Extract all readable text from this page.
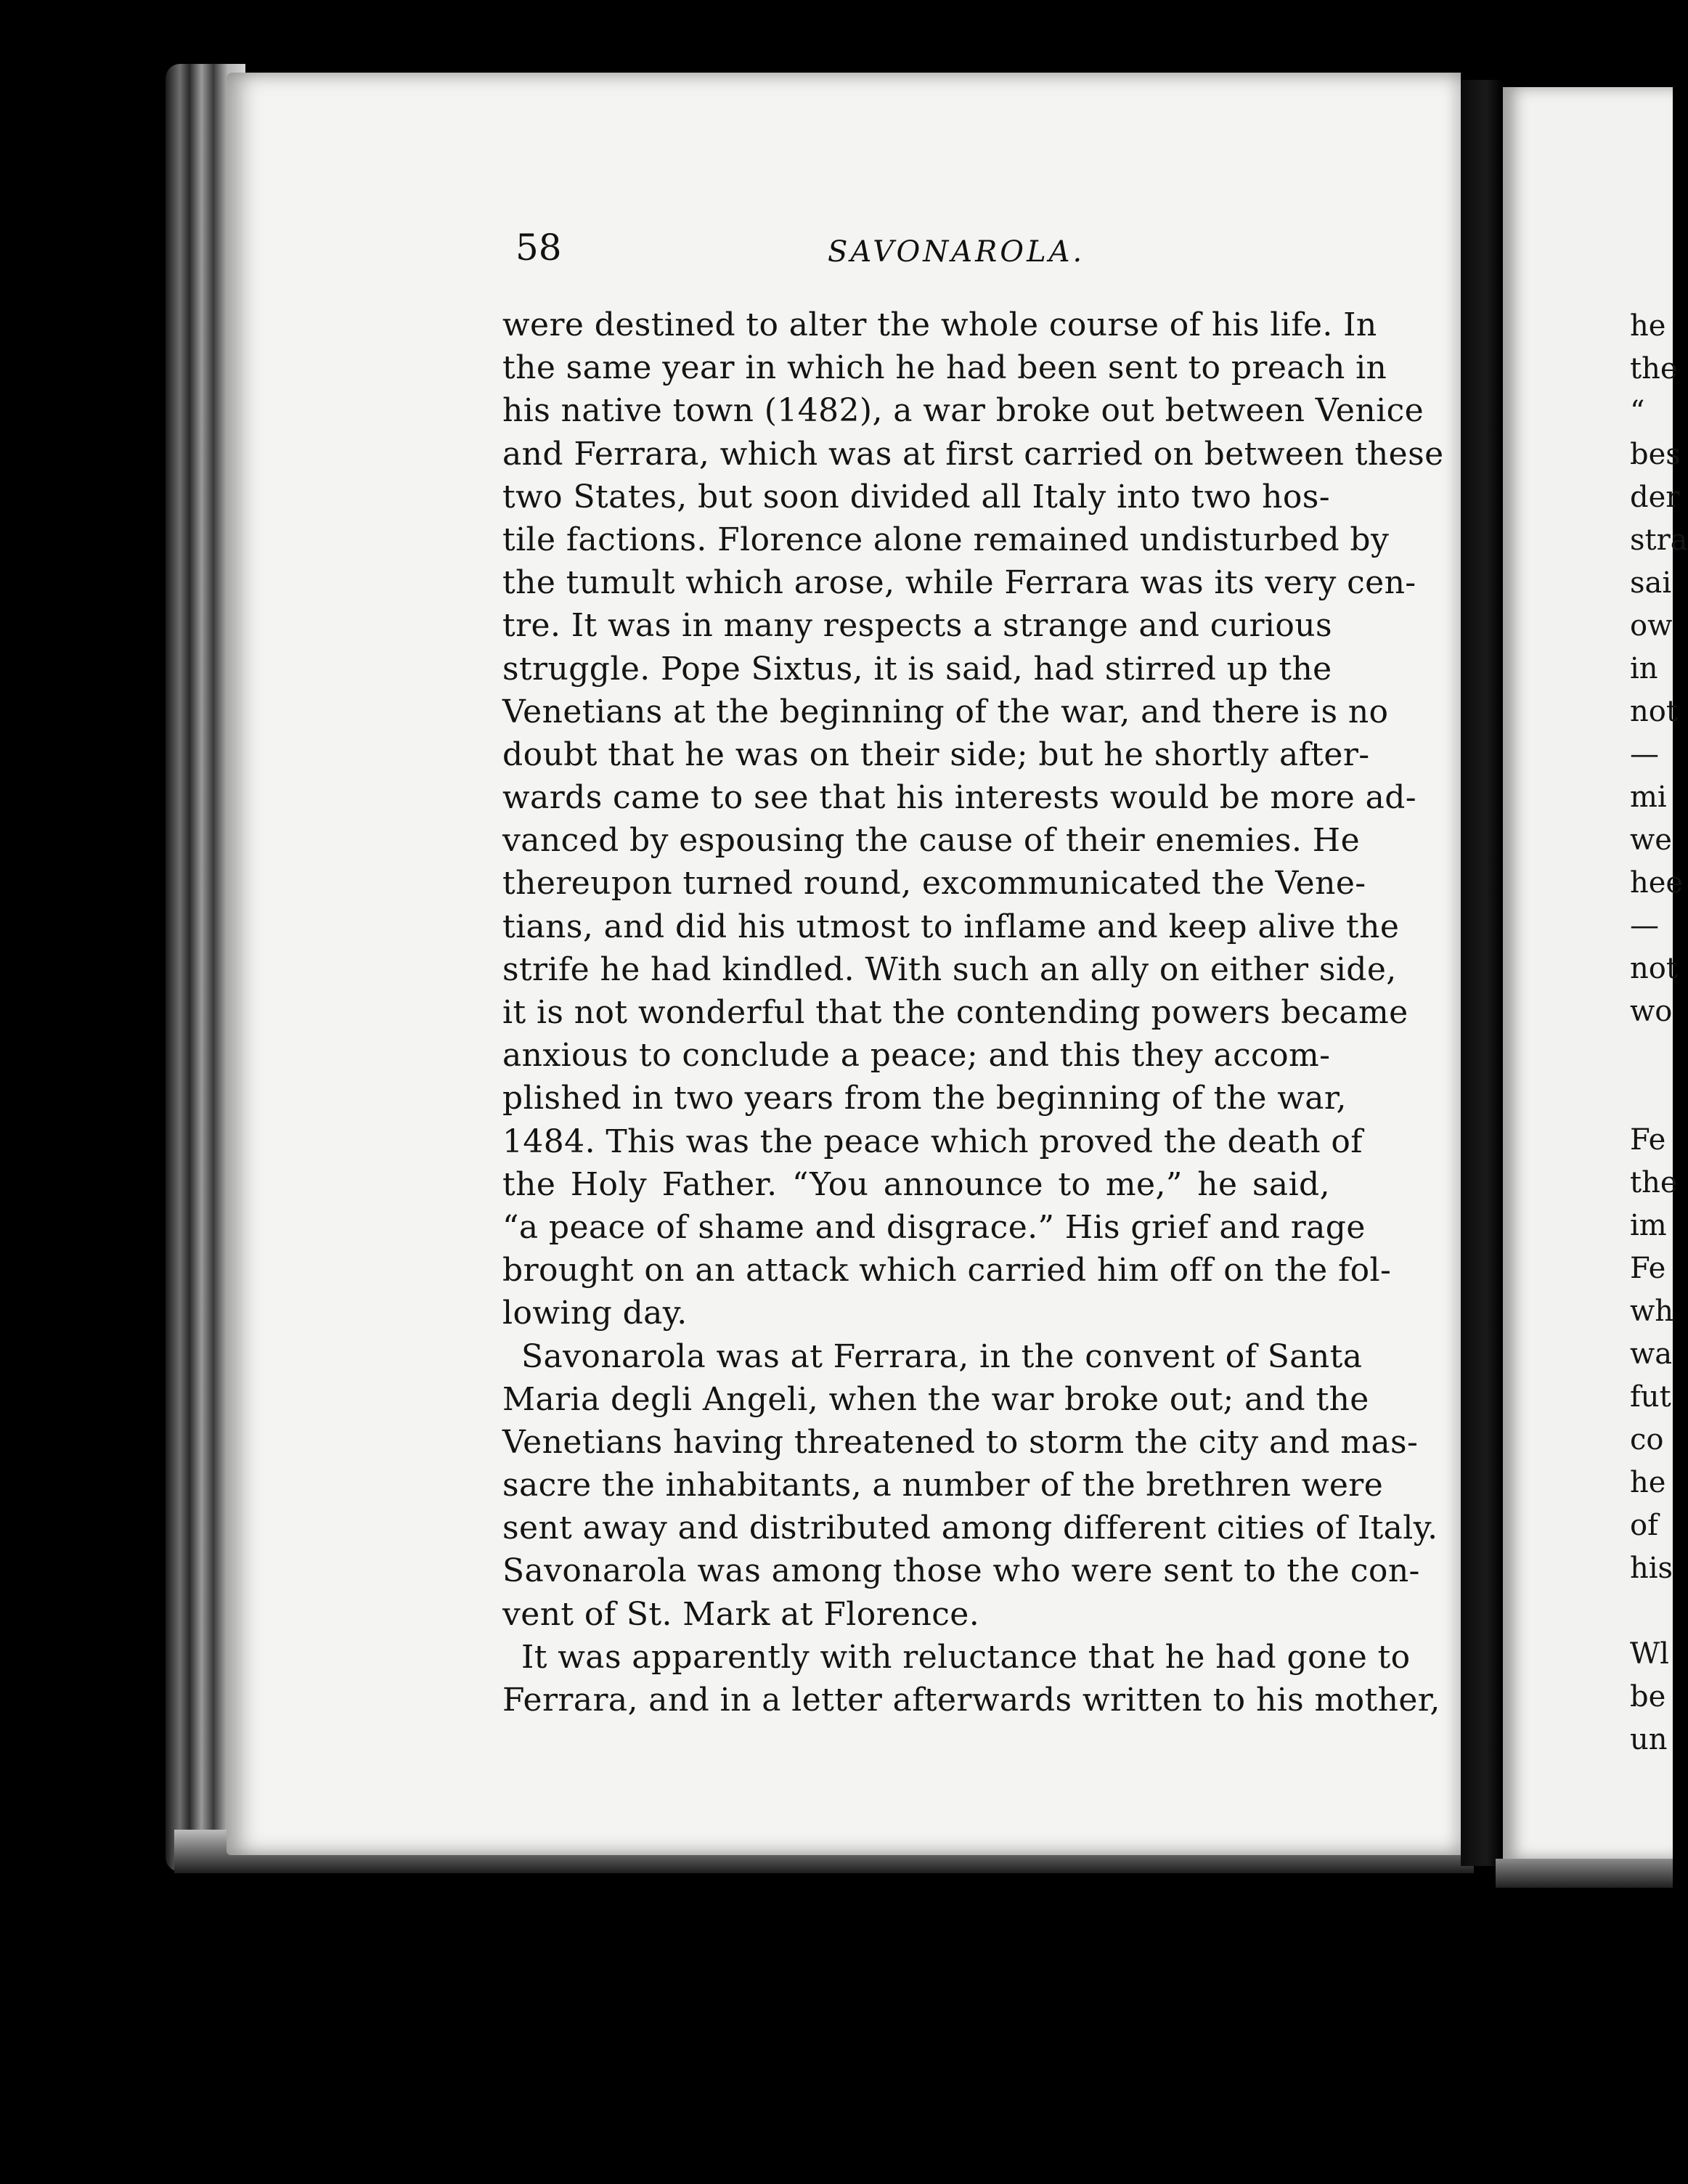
58	SAVONAROLA.
were destined to alter the whole course of his life. In
the same year in which he had been sent to preach in
his native town (1482), a war broke out between Venice
and Ferrara, which was at first carried on between these
two States, but soon divided all Italy into two hos-
tile factions. Florence alone remained undisturbed by
the tumult which arose, while Ferrara was its very cen-
tre. It was in many respects a strange and curious
struggle. Pope Sixtus, it is said, had stirred up the
Venetians at the beginning of the war, and there is no
doubt that he was on their side; but he shortly after-
wards came to see that his interests would be more ad-
vanced by espousing the cause of their enemies. He
thereupon turned round, excommunicated the Vene-
tians, and did his utmost to inflame and keep alive the
strife he had kindled. With such an ally on either side,
it is not wonderful that the contending powers became
anxious to conclude a peace; and this they accom-
plished in two years from the beginning of the war,
1484. This was the peace which proved the death of
the Holy Father. “You announce to me,” he said,
“a peace of shame and disgrace.” His grief and rage
brought on an attack which carried him off on the fol-
lowing day.
Savonarola was at Ferrara, in the convent of Santa
Maria degli Angeli, when the war broke out; and the
Venetians having threatened to storm the city and mas-
sacre the inhabitants, a number of the brethren were
sent away and distributed among different cities of Italy.
Savonarola was among those who were sent to the con-
vent of St. Mark at Florence.
It was apparently with reluctance that he had gone to
Ferrara, and in a letter afterwards written to his mother,
he
the
“
bes
der
stra
sai
ow
in
not
—
mi
we
hee
—
not
wo
Fe
the
im
Fe
wh
wa
fut
co
he
of
his
Wl
be
un
